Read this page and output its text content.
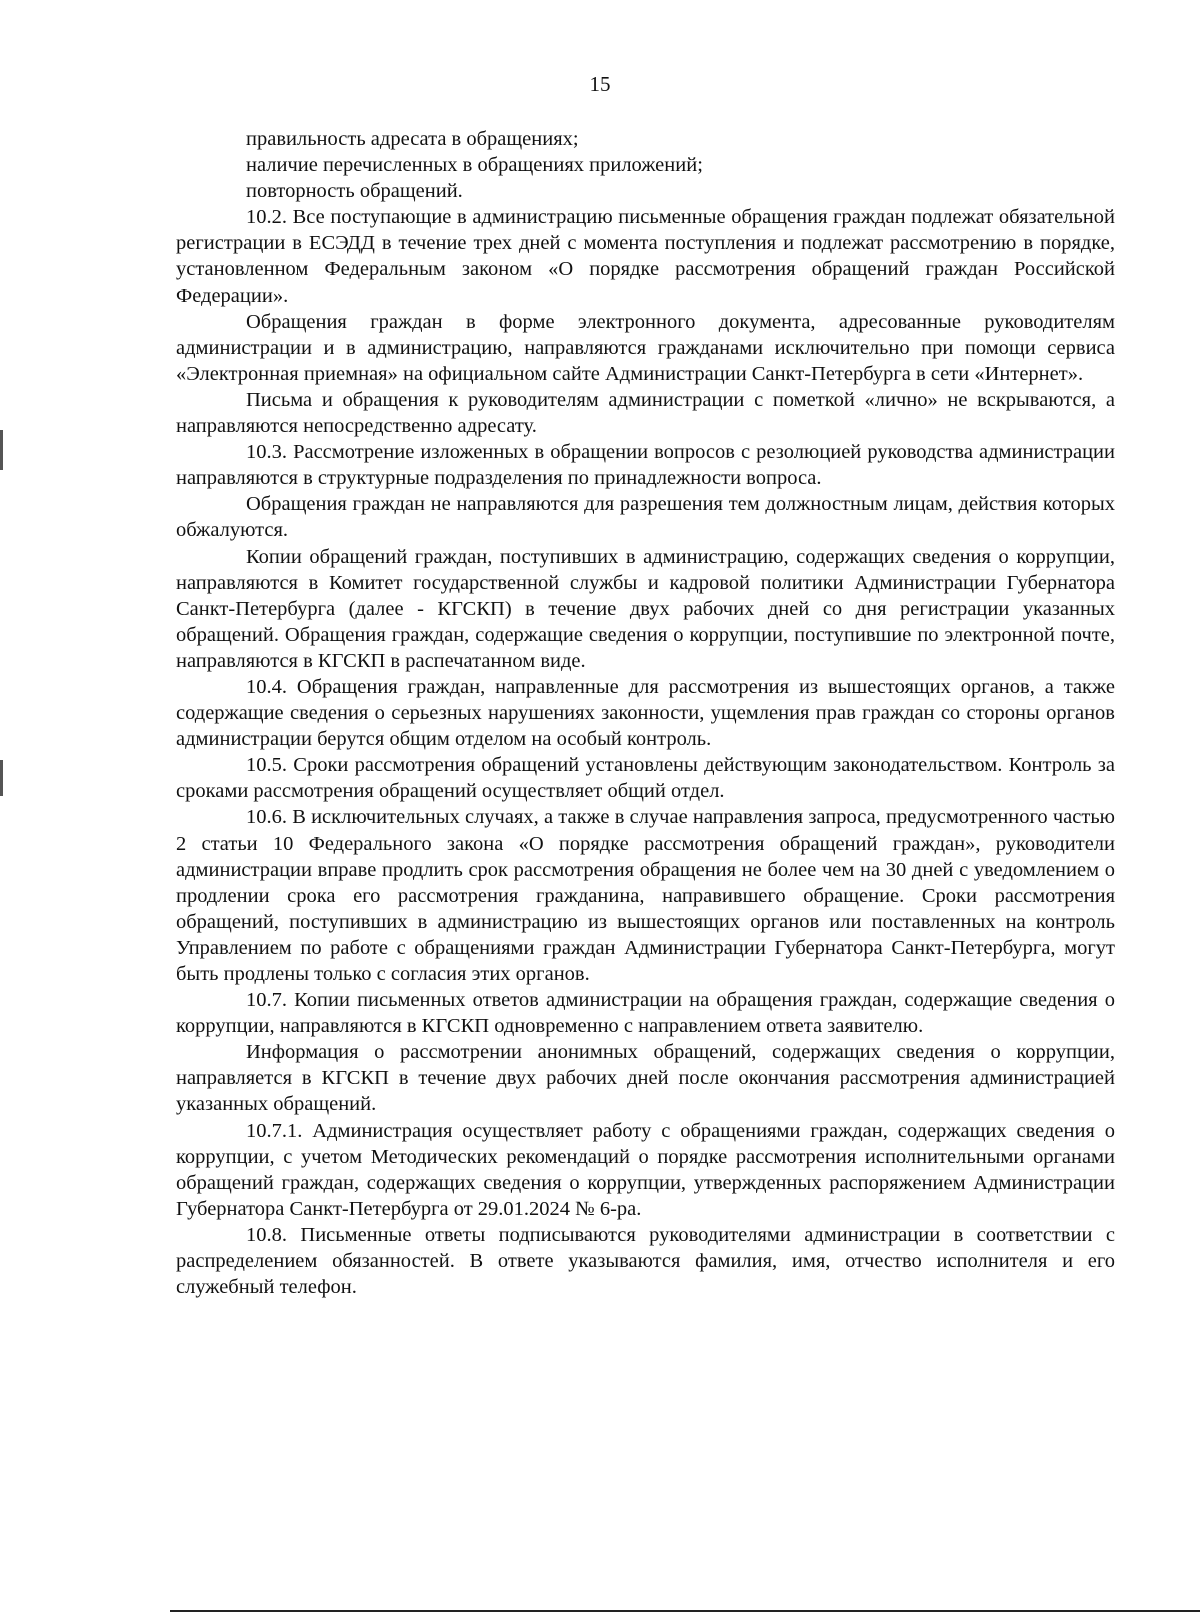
15

правильность адресата в обращениях;

наличие перечисленных в обращениях приложений;

повторность обращений.

10.2. Все поступающие в администрацию письменные обращения граждан подлежат обязательной регистрации в ЕСЭДД в течение трех дней с момента поступления и подлежат рассмотрению в порядке, установленном Федеральным законом «О порядке рассмотрения обращений граждан Российской Федерации».

Обращения граждан в форме электронного документа, адресованные руководителям администрации и в администрацию, направляются гражданами исключительно при помощи сервиса «Электронная приемная» на официальном сайте Администрации Санкт-Петербурга в сети «Интернет».

Письма и обращения к руководителям администрации с пометкой «лично» не вскрываются, а направляются непосредственно адресату.

10.3. Рассмотрение изложенных в обращении вопросов с резолюцией руководства администрации направляются в структурные подразделения по принадлежности вопроса.

Обращения граждан не направляются для разрешения тем должностным лицам, действия которых обжалуются.

Копии обращений граждан, поступивших в администрацию, содержащих сведения о коррупции, направляются в Комитет государственной службы и кадровой политики Администрации Губернатора Санкт-Петербурга (далее - КГСКП) в течение двух рабочих дней со дня регистрации указанных обращений. Обращения граждан, содержащие сведения о коррупции, поступившие по электронной почте, направляются в КГСКП в распечатанном виде.

10.4. Обращения граждан, направленные для рассмотрения из вышестоящих органов, а также содержащие сведения о серьезных нарушениях законности, ущемления прав граждан со стороны органов администрации берутся общим отделом на особый контроль.

10.5. Сроки рассмотрения обращений установлены действующим законодательством. Контроль за сроками рассмотрения обращений осуществляет общий отдел.

10.6. В исключительных случаях, а также в случае направления запроса, предусмотренного частью 2 статьи 10 Федерального закона «О порядке рассмотрения обращений граждан», руководители администрации вправе продлить срок рассмотрения обращения не более чем на 30 дней с уведомлением о продлении срока его рассмотрения гражданина, направившего обращение. Сроки рассмотрения обращений, поступивших в администрацию из вышестоящих органов или поставленных на контроль Управлением по работе с обращениями граждан Администрации Губернатора Санкт-Петербурга, могут быть продлены только с согласия этих органов.

10.7. Копии письменных ответов администрации на обращения граждан, содержащие сведения о коррупции, направляются в КГСКП одновременно с направлением ответа заявителю.

Информация о рассмотрении анонимных обращений, содержащих сведения о коррупции, направляется в КГСКП в течение двух рабочих дней после окончания рассмотрения администрацией указанных обращений.

10.7.1. Администрация осуществляет работу с обращениями граждан, содержащих сведения о коррупции, с учетом Методических рекомендаций о порядке рассмотрения исполнительными органами обращений граждан, содержащих сведения о коррупции, утвержденных распоряжением Администрации Губернатора Санкт-Петербурга от 29.01.2024 № 6-ра.

10.8. Письменные ответы подписываются руководителями администрации в соответствии с распределением обязанностей. В ответе указываются фамилия, имя, отчество исполнителя и его служебный телефон.
